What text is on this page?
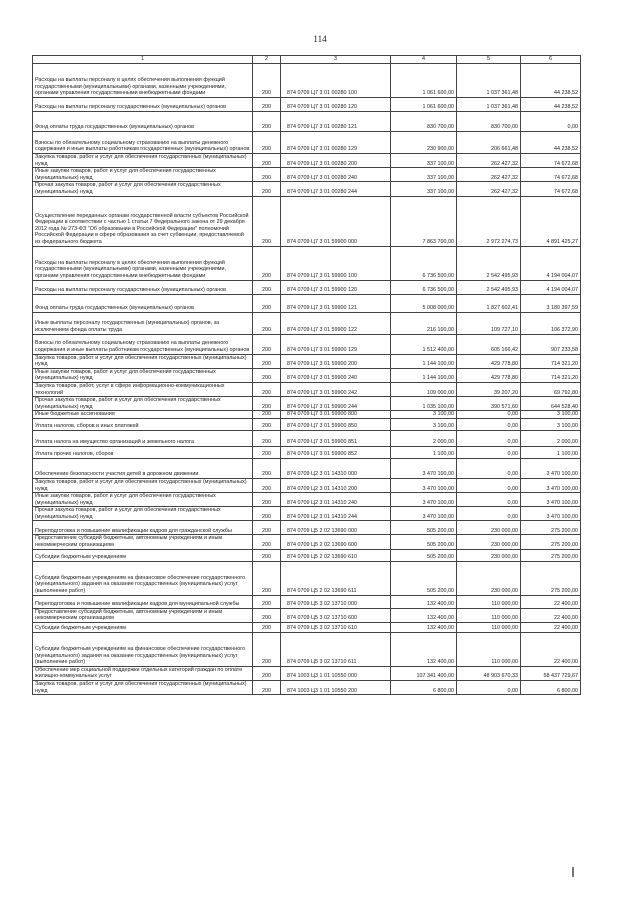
114
1	2	3	4	5	6
Расходы на выплаты персоналу в целях обеспечения выполнения функций государственными (муниципальными) органами, казенными учреждениями, органами управления государственными внебюджетными фондами	200	874 0709 Ц7 3 01 00280 100	1 061 600,00	1 037 361,48	44 238,52
Расходы на выплаты персоналу государственных (муниципальных) органов	200	874 0709 Ц7 3 01 00280 120	1 061 600,00	1 037 361,48	44 238,52
Фонд оплаты труда государственных (муниципальных) органов	200	874 0709 Ц7 3 01 00280 121	830 700,00	830 700,00	0,00
Взносы по обязательному социальному страхованию на выплаты денежного содержания и иные выплаты работникам государственных (муниципальных) органов	200	874 0709 Ц7 3 01 00280 129	230 900,00	206 661,48	44 238,52
Закупка товаров, работ и услуг для обеспечения государственных (муниципальных) нужд	200	874 0709 Ц7 3 01 00280 200	337 100,00	262 427,32	74 672,68
Иные закупки товаров, работ и услуг для обеспечения государственных (муниципальных) нужд	200	874 0709 Ц7 3 01 00280 240	337 100,00	262 427,32	74 672,68
Прочая закупка товаров, работ и услуг для обеспечения государственных (муниципальных) нужд	200	874 0709 Ц7 3 01 00280 244	337 100,00	262 427,32	74 672,68
Осуществление переданных органам государственной власти субъектов Российской Федерации в соответствии с частью 1 статьи 7 Федерального закона от 29 декабря 2012 года № 273-ФЗ "Об образовании в Российской Федерации" полномочий Российской Федерации в сфере образования за счет субвенции, предоставляемой из федерального бюджета	200	874 0709 Ц7 3 01 59900 000	7 863 700,00	2 972 274,73	4 891 425,27
Расходы на выплаты персоналу в целях обеспечения выполнения функций государственными (муниципальными) органами, казенными учреждениями, органами управления государственными внебюджетными фондами	200	874 0709 Ц7 3 01 59900 100	6 736 500,00	2 542 495,93	4 194 004,07
Расходы на выплаты персоналу государственных (муниципальных) органов	200	874 0709 Ц7 3 01 59900 120	6 736 500,00	2 542 495,93	4 194 004,07
Фонд оплаты труда государственных (муниципальных) органов	200	874 0709 Ц7 3 01 59900 121	5 008 000,00	1 827 602,41	3 180 397,59
Иные выплаты персоналу государственных (муниципальных) органов, за исключением фонда оплаты труда	200	874 0709 Ц7 3 01 59900 122	216 100,00	109 727,10	106 372,90
Взносы по обязательному социальному страхованию на выплаты денежного содержания и иные выплаты работникам государственных (муниципальных) органов	200	874 0709 Ц7 3 01 59900 129	1 512 400,00	605 166,42	907 233,58
Закупка товаров, работ и услуг для обеспечения государственных (муниципальных) нужд	200	874 0709 Ц7 3 01 59900 200	1 144 100,00	429 778,80	714 321,20
Иные закупки товаров, работ и услуг для обеспечения государственных (муниципальных) нужд	200	874 0709 Ц7 3 01 59900 240	1 144 100,00	429 778,80	714 321,20
Закупка товаров, работ, услуг в сфере информационно-коммуникационных технологий	200	874 0709 Ц7 3 01 59900 242	109 000,00	39 207,20	69 792,80
Прочая закупка товаров, работ и услуг для обеспечения государственных (муниципальных) нужд	200	874 0709 Ц7 3 01 59900 244	1 035 100,00	390 571,60	644 528,40
Иные бюджетные ассигнования	200	874 0709 Ц7 3 01 59900 800	3 100,00	0,00	3 100,00
Уплата налогов, сборов и иных платежей	200	874 0709 Ц7 3 01 59900 850	3 100,00	0,00	3 100,00
Уплата налога на имущество организаций и земельного налога	200	874 0709 Ц7 3 01 59900 851	2 000,00	0,00	2 000,00
Уплата прочих налогов, сборов	200	874 0709 Ц7 3 01 59900 852	1 100,00	0,00	1 100,00
Обеспечение безопасности участия детей в дорожном движении	200	874 0709 Ц2 3 01 14310 000	3 470 100,00	0,00	3 470 100,00
Закупка товаров, работ и услуг для обеспечения государственных (муниципальных) нужд	200	874 0709 Ц2 3 01 14310 200	3 470 100,00	0,00	3 470 100,00
Иные закупки товаров, работ и услуг для обеспечения государственных (муниципальных) нужд	200	874 0709 Ц2 3 01 14310 240	3 470 100,00	0,00	3 470 100,00
Прочая закупка товаров, работ и услуг для обеспечения государственных (муниципальных) нужд	200	874 0709 Ц2 3 01 14310 244	3 470 100,00	0,00	3 470 100,00
Переподготовка и повышение квалификации кадров для гражданской службы	200	874 0709 Ц5 2 02 13690 000	505 200,00	230 000,00	275 200,00
Предоставление субсидий бюджетным, автономным учреждениям и иным некоммерческим организациям	200	874 0709 Ц5 2 02 13690 600	505 200,00	230 000,00	275 200,00
Субсидии бюджетным учреждениям	200	874 0709 Ц5 2 02 13690 610	505 200,00	230 000,00	275 200,00
Субсидии бюджетным учреждениям на финансовое обеспечение государственного (муниципального) задания на оказание государственных (муниципальных) услуг (выполнение работ)	200	874 0709 Ц5 2 02 13690 611	505 200,00	230 000,00	275 200,00
Переподготовка и повышение квалификации кадров для муниципальной службы	200	874 0709 Ц5 3 02 13710 000	132 400,00	110 000,00	22 400,00
Предоставление субсидий бюджетным, автономным учреждениям и иным некоммерческим организациям	200	874 0709 Ц5 3 02 13710 600	132 400,00	110 000,00	22 400,00
Субсидии бюджетным учреждениям	200	874 0709 Ц5 3 02 13710 610	132 400,00	110 000,00	22 400,00
Субсидии бюджетным учреждениям на финансовое обеспечение государственного (муниципального) задания на оказание государственных (муниципальных) услуг (выполнение работ)	200	874 0709 Ц5 3 02 13710 611	132 400,00	110 000,00	22 400,00
Обеспечение мер социальной поддержки отдельных категорий граждан по оплате жилищно-коммунальных услуг	200	874 1003 Ц3 1 01 10550 000	107 341 400,00	48 903 670,33	58 437 729,67
Закупка товаров, работ и услуг для обеспечения государственных (муниципальных) нужд	200	874 1003 Ц3 1 01 10550 200	6 800,00	0,00	6 800,00
